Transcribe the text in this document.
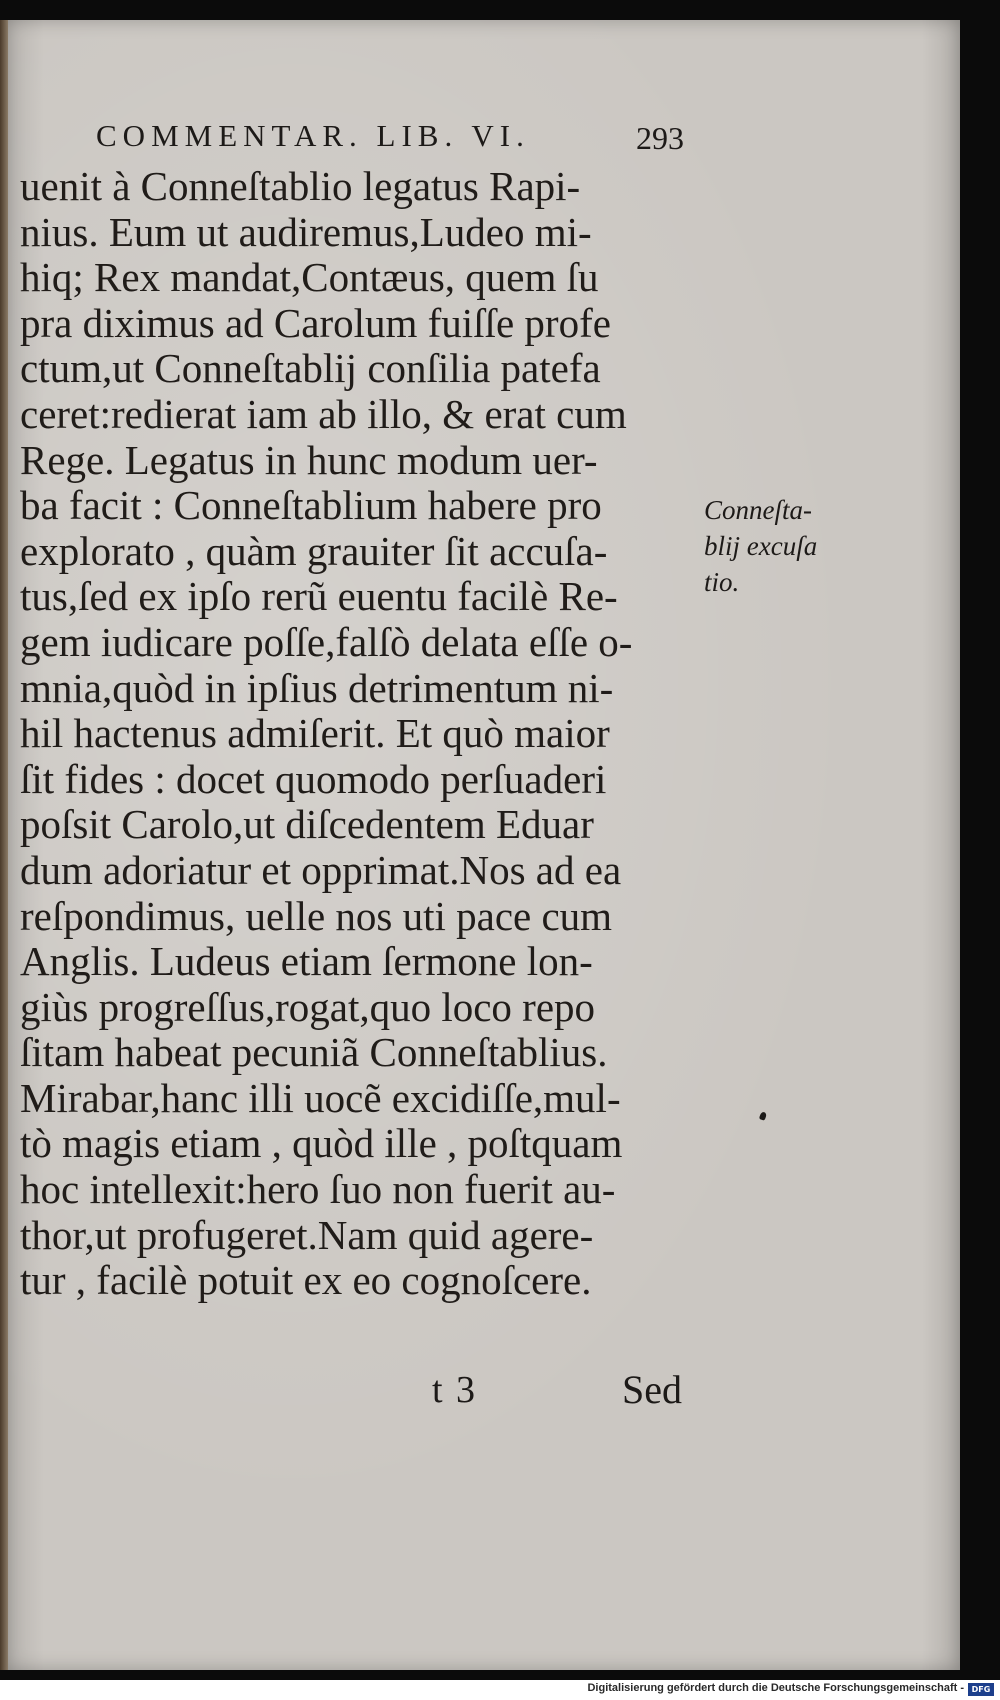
COMMENTAR. LIB. VI.	293
uenit à Conneſtablio legatus Rapi-
nius. Eum ut audiremus,Ludeo mi-
hiq; Rex mandat,Contæus, quem ſu
pra diximus ad Carolum fuiſſe profe
ctum,ut Conneſtablij conſilia patefa
ceret:redierat iam ab illo, & erat cum
Rege. Legatus in hunc modum uer-
ba facit : Conneſtablium habere pro
explorato , quàm grauiter ſit accuſa-
tus,ſed ex ipſo rerũ euentu facilè Re-
gem iudicare poſſe,falſò delata eſſe o-
mnia,quòd in ipſius detrimentum ni-
hil hactenus admiſerit. Et quò maior
ſit fides : docet quomodo perſuaderi
poſsit Carolo,ut diſcedentem Eduar
dum adoriatur et opprimat.Nos ad ea
reſpondimus, uelle nos uti pace cum
Anglis. Ludeus etiam ſermone lon-
giùs progreſſus,rogat,quo loco repo
ſitam habeat pecuniã Conneſtablius.
Mirabar,hanc illi uocẽ excidiſſe,mul-
tò magis etiam , quòd ille , poſtquam
hoc intellexit:hero ſuo non fuerit au-
thor,ut profugeret.Nam quid agere-
tur , facilè potuit ex eo cognoſcere.
Conneſta-
blij excuſa
tio.
t 3	Sed
Digitalisierung gefördert durch die Deutsche Forschungsgemeinschaft - DFG
